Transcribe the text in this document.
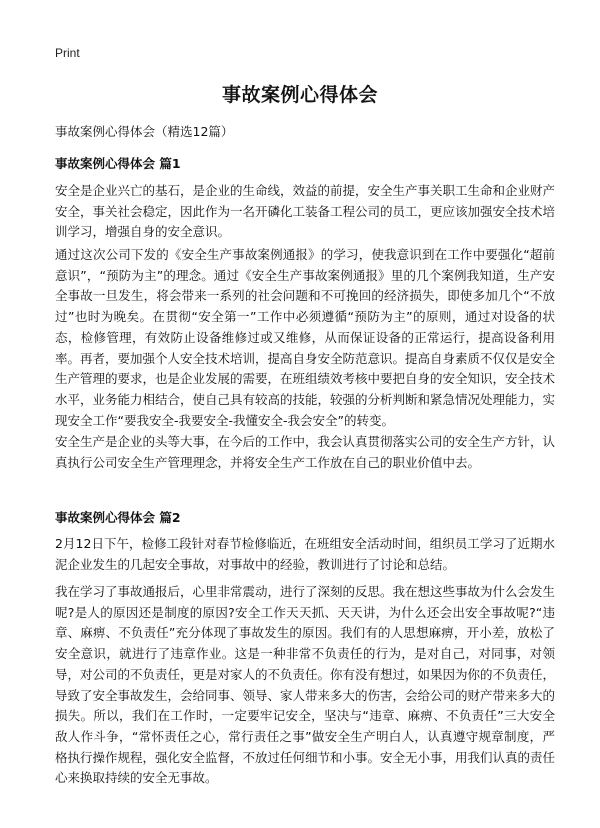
Print
事故案例心得体会
事故案例心得体会（精选12篇）
事故案例心得体会 篇1

安全是企业兴亡的基石，是企业的生命线，效益的前提，安全生产事关职工生命和企业财产安全，事关社会稳定，因此作为一名开磷化工装备工程公司的员工，更应该加强安全技术培训学习，增强自身的安全意识。

通过这次公司下发的《安全生产事故案例通报》的学习，使我意识到在工作中要强化“超前意识”，“预防为主”的理念。通过《安全生产事故案例通报》里的几个案例我知道，生产安全事故一旦发生，将会带来一系列的社会问题和不可挽回的经济损失，即使多加几个“不放过”也时为晚矣。在贯彻“安全第一”工作中必须遵循“预防为主”的原则，通过对设备的状态，检修管理，有效防止设备维修过或又维修，从而保证设备的正常运行，提高设备利用率。再者，要加强个人安全技术培训，提高自身安全防范意识。提高自身素质不仅仅是安全生产管理的要求，也是企业发展的需要，在班组绩效考核中要把自身的安全知识，安全技术水平，业务能力相结合，使自己具有较高的技能，较强的分析判断和紧急情况处理能力，实现安全工作“要我安全-我要安全-我懂安全-我会安全”的转变。

安全生产是企业的头等大事，在今后的工作中，我会认真贯彻落实公司的安全生产方针，认真执行公司安全生产管理理念，并将安全生产工作放在自己的职业价值中去。

事故案例心得体会 篇2

2月12日下午，检修工段针对春节检修临近，在班组安全活动时间，组织员工学习了近期水泥企业发生的几起安全事故，对事故中的经验，教训进行了讨论和总结。

我在学习了事故通报后，心里非常震动，进行了深刻的反思。我在想这些事故为什么会发生呢?是人的原因还是制度的原因?安全工作天天抓、天天讲，为什么还会出安全事故呢?“违章、麻痹、不负责任”充分体现了事故发生的原因。我们有的人思想麻痹，开小差，放松了安全意识，就进行了违章作业。这是一种非常不负责任的行为，是对自己，对同事，对领导，对公司的不负责任，更是对家人的不负责任。你有没有想过，如果因为你的不负责任，导致了安全事故发生，会给同事、领导、家人带来多大的伤害，会给公司的财产带来多大的损失。所以，我们在工作时，一定要牢记安全，坚决与“违章、麻痹、不负责任”三大安全敌人作斗争，“常怀责任之心，常行责任之事”做安全生产明白人，认真遵守规章制度，严格执行操作规程，强化安全监督，不放过任何细节和小事。安全无小事，用我们认真的责任心来换取持续的安全无事故。
